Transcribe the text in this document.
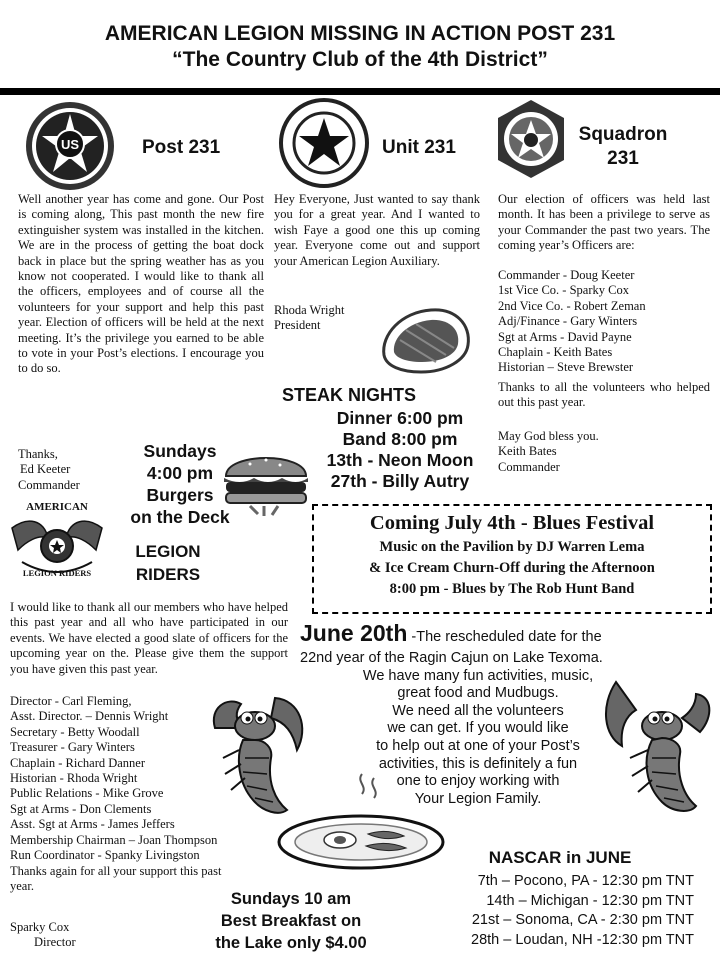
AMERICAN LEGION MISSING IN ACTION POST 231
“The Country Club of the 4th District”
US	Post 231
Well another year has come and gone. Our Post is coming along, This past month the new fire extinguisher system was installed in the kitchen. We are in the process of getting the boat dock back in place but the spring weather has as you know not cooperated. I would like to thank all the officers, employees and of course all the volunteers for your support and help this past year. Election of officers will be held at the next meeting. It’s the privilege you earned to be able to vote in your Post’s elections. I encourage you to do so.
Thanks,
Ed Keeter
Commander
Unit 231
Hey Everyone, Just wanted to say thank you for a great year. And I wanted to wish Faye a good one this up coming year. Everyone come out and support your American Legion Auxiliary.
Rhoda Wright
President
Squadron
231
Our election of officers was held last month. It has been a privilege to serve as your Commander the past two years. The coming year’s Officers are:
Commander - Doug Keeter
1st Vice Co. - Sparky Cox
2nd Vice Co. - Robert Zeman
Adj/Finance - Gary Winters
Sgt at Arms - David Payne
Chaplain - Keith Bates
Historian – Steve Brewster
Thanks to all the volunteers who helped out this past year.
May God bless you.
Keith Bates
Commander
STEAK NIGHTS
Dinner 6:00 pm
Band 8:00 pm
13th - Neon Moon
27th - Billy Autry
Sundays
4:00 pm
Burgers
on the Deck
AMERICAN
LEGION RIDERS
LEGION
RIDERS
I would like to thank all our members who have helped this past year and all who have participated in our events. We have elected a good slate of officers for the upcoming year on the. Please give them the support you have given this past year.
Director - Carl Fleming,
Asst. Director. – Dennis Wright
Secretary - Betty Woodall
Treasurer - Gary Winters
Chaplain - Richard Danner
Historian - Rhoda Wright
Public Relations - Mike Grove
Sgt at Arms - Don Clements
Asst. Sgt at Arms - James Jeffers
Membership Chairman – Joan Thompson
Run Coordinator - Spanky Livingston
Thanks again for all your support this past year.
Sparky Cox
Director
Coming July 4th - Blues Festival
Music on the Pavilion by DJ Warren Lema
& Ice Cream Churn-Off during the Afternoon
8:00 pm - Blues by The Rob Hunt Band
June 20th -The rescheduled date for the
22nd year of the Ragin Cajun on Lake Texoma.
We have many fun activities, music,
great food and Mudbugs.
We need all the volunteers
we can get. If you would like
to help out at one of your Post’s
activities, this is definitely a fun
one to enjoy working with
Your Legion Family.
Sundays 10 am
Best Breakfast on
the Lake only $4.00
NASCAR in JUNE
7th – Pocono, PA - 12:30 pm TNT
14th – Michigan - 12:30 pm TNT
21st – Sonoma, CA - 2:30 pm TNT
28th – Loudan, NH -12:30 pm TNT
